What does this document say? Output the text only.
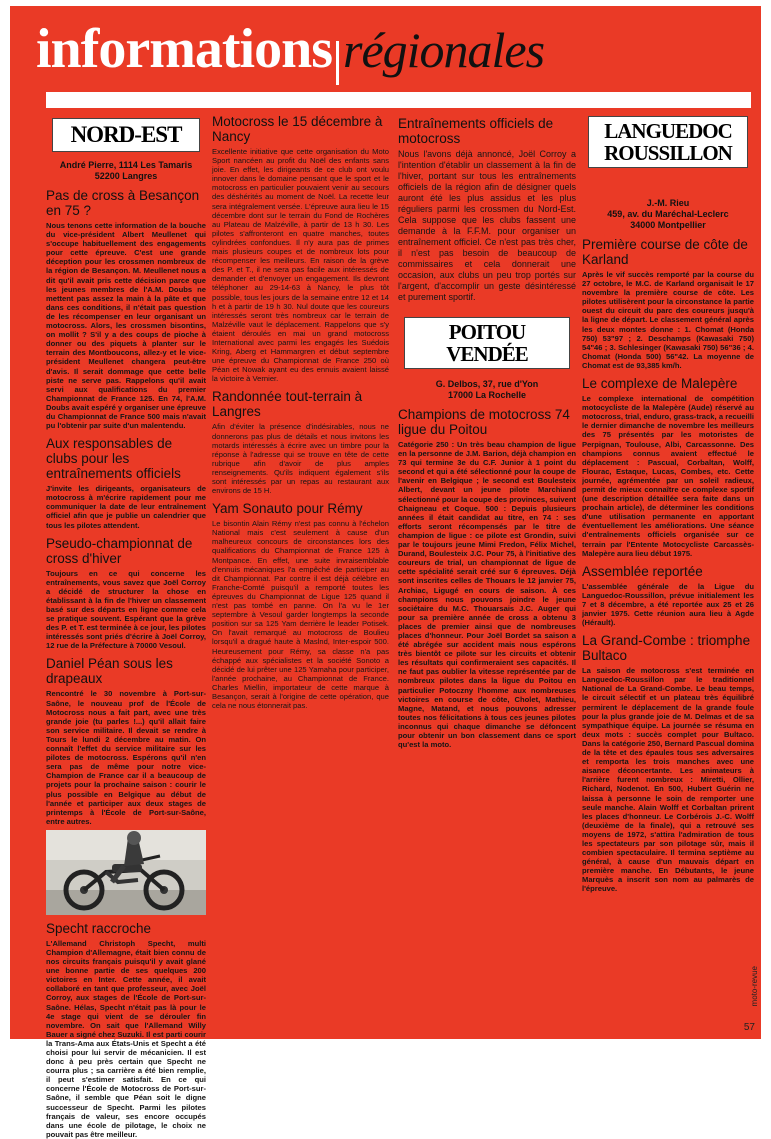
informations régionales
NORD-EST
André Pierre, 1114 Les Tamaris
52200 Langres
Pas de cross à Besançon en 75 ?
Nous tenons cette information de la bouche du vice-président Albert Meullenet qui s'occupe habituellement des engagements pour cette épreuve. C'est une grande déception pour les crossmen nombreux de la région de Besançon. M. Meullenet nous a dit qu'il avait pris cette décision parce que les jeunes membres de l'A.M. Doubs ne mettent pas assez la main à la pâte et que dans ces conditions, il n'était pas question de les récompenser en leur organisant un motocross. Alors, les crossmen bisontins, on mollit ? S'il y a des coups de pioche à donner ou des piquets à planter sur le terrain des Montboucons, allez-y et le vice-président Meullenet changera peut-être d'avis. Il serait dommage que cette belle piste ne serve pas. Rappelons qu'il avait servi aux qualifications du premier Championnat de France 125. En 74, l'A.M. Doubs avait espéré y organiser une épreuve du Championnat de France 500 mais n'avait pu l'obtenir par suite d'un malentendu.
Aux responsables de clubs pour les entraînements officiels
J'invite les dirigeants, organisateurs de motocross à m'écrire rapidement pour me communiquer la date de leur entraînement officiel afin que je publie un calendrier que tous les pilotes attendent.
Pseudo-championnat de cross d'hiver
Toujours en ce qui concerne les entraînements, vous savez que Joël Corroy a décidé de structurer la chose en établissant à la fin de l'hiver un classement basé sur des départs en ligne comme cela se pratique souvent. Espérant que la grève des P. et T. est terminée à ce jour, les pilotes intéressés sont priés d'écrire à Joël Corroy, 12 rue de la Préfecture à 70000 Vesoul.
Daniel Péan sous les drapeaux
Rencontré le 30 novembre à Port-sur-Saône, le nouveau prof de l'École de Motocross nous a fait part, avec une très grande joie (tu parles !...) qu'il allait faire son service militaire. Il devait se rendre à Tours le lundi 2 décembre au matin. On connaît l'effet du service militaire sur les pilotes de motocross. Espérons qu'il n'en sera pas de même pour notre vice-Champion de France car il a beaucoup de projets pour la prochaine saison : courir le plus possible en Belgique au début de l'année et participer aux deux stages de printemps à l'École de Port-sur-Saône, entre autres.
Specht raccroche
L'Allemand Christoph Specht, multi Champion d'Allemagne, était bien connu de nos circuits français puisqu'il y avait glané une bonne partie de ses quelques 200 victoires en Inter. Cette année, il avait collaboré en tant que professeur, avec Joël Corroy, aux stages de l'École de Port-sur-Saône. Hélas, Specht n'était pas là pour le 4e stage qui vient de se dérouler fin novembre. On sait que l'Allemand Willy Bauer a signé chez Suzuki. Il est parti courir la Trans-Ama aux États-Unis et Specht a été choisi pour lui servir de mécanicien. Il est donc à peu près certain que Specht ne courra plus ; sa carrière a été bien remplie, il peut s'estimer satisfait. En ce qui concerne l'École de Motocross de Port-sur-Saône, il semble que Péan soit le digne successeur de Specht. Parmi les pilotes français de valeur, ses encore occupés dans une école de pilotage, le choix ne pouvait pas être meilleur.
Motocross le 15 décembre à Nancy
Excellente initiative que cette organisation du Moto Sport nancéen au profit du Noël des enfants sans joie. En effet, les dirigeants de ce club ont voulu innover dans le domaine pensant que le sport et le motocross en particulier pouvaient venir au secours des déshérités au moment de Noël. La recette leur sera intégralement versée. L'épreuve aura lieu le 15 décembre dont sur le terrain du Fond de Rochères au Plateau de Malzéville, à partir de 13 h 30. Les pilotes s'affronteront en quatre manches, toutes cylindrées confondues. Il n'y aura pas de primes mais plusieurs coupes et de nombreux lots pour récompenser les meilleurs. En raison de la grève des P. et T., il ne sera pas facile aux intéressés de demander et d'envoyer un engagement. Ils devront téléphoner au 29-14-63 à Nancy, le plus tôt possible, tous les jours de la semaine entre 12 et 14 h et à partir de 19 h 30. Nul doute que les coureurs intéressés seront très nombreux car le terrain de Malzéville vaut le déplacement. Rappelons que s'y étaient déroulés en mai un grand motocross International avec parmi les engagés les Suédois Kring, Aberg et Hammargren et début septembre une épreuve du Championnat de France 250 où Péan et Nowak ayant eu des ennuis avaient laissé la victoire à Vernier.
Randonnée tout-terrain à Langres
Afin d'éviter la présence d'indésirables, nous ne donnerons pas plus de détails et nous invitons les motards intéressés à écrire avec un timbre pour la réponse à l'adresse qui se trouve en tête de cette rubrique afin d'avoir de plus amples renseignements. Qu'ils indiquent également s'ils sont intéressés par un repas au restaurant aux environs de 15 H.
Yam Sonauto pour Rémy
Le bisontin Alain Rémy n'est pas connu à l'échelon National mais c'est seulement à cause d'un malheureux concours de circonstances lors des qualifications du Championnat de France 125 à Montpance. En effet, une suite invraisemblable d'ennuis mécaniques l'a empêché de participer au dit Championnat. Par contre il est déjà célèbre en Franche-Comté puisqu'il a remporté toutes les épreuves du Championnat de Ligue 125 quand il n'est pas tombé en panne. On l'a vu le 1er septembre à Vesoul garder longtemps la seconde position sur sa 125 Yam derrière le leader Potisek. On l'avait remarqué au motocross de Boulieu lorsqu'il a dragué haute à Maslnd, Inter-espoir 500. Heureusement pour Rémy, sa classe n'a pas échappé aux spécialistes et la société Sonoto a décidé de lui prêter une 125 Yamaha pour participer, l'année prochaine, au Championnat de France. Charles Miellin, importateur de cette marque à Besançon, serait à l'origine de cette opération, que cela ne nous étonnerait pas.
Entraînements officiels de motocross
Nous l'avons déjà annoncé, Joël Corroy a l'intention d'établir un classement à la fin de l'hiver, portant sur tous les entraînements officiels de la région afin de désigner quels auront été les plus assidus et les plus réguliers parmi les crossmen du Nord-Est. Cela suppose que les clubs fassent une demande à la F.F.M. pour organiser un entraînement officiel. Ce n'est pas très cher, il n'est pas besoin de beaucoup de commissaires et cela donnerait une occasion, aux clubs un peu trop portés sur l'argent, d'accomplir un geste désintéressé et purement sportif.
POITOU
VENDÉE
G. Delbos, 37, rue d'Yon
17000 La Rochelle
Champions de motocross 74 ligue du Poitou
Catégorie 250 : Un très beau champion de ligue en la personne de J.M. Barion, déjà champion en 73 qui termine 3e du C.F. Junior à 1 point du second et qui a été sélectionné pour la coupe de l'avenir en Belgique ; le second est Boulesteix Albert, devant un jeune pilote Marchiand sélectionné pour la coupe des provinces, suivent Chaigneau et Coque. 500 : Depuis plusieurs années il était candidat au titre, en 74 : ses efforts seront récompensés par le titre de champion de ligue : ce pilote est Grondin, suivi par le toujours jeune Mimi Fredon, Félix Michel, Durand, Boulesteix J.C. Pour 75, à l'initiative des coureurs de trial, un championnat de ligue de cette spécialité serait créé sur 6 épreuves. Déjà sont inscrites celles de Thouars le 12 janvier 75, Archiac, Ligugé en cours de saison. À ces champions nous pouvons joindre le jeune sociétaire du M.C. Thouarsais J.C. Auger qui pour sa première année de cross a obtenu 3 places de premier ainsi que de nombreuses places d'honneur. Pour Joël Bordet sa saison a été abrégée sur accident mais nous espérons très bientôt ce pilote sur les circuits et obtenir les résultats qui confirmeraient ses capacités. Il ne faut pas oublier la vitesse représentée par de nombreux pilotes dans la ligue du Poitou en particulier Potoczny l'homme aux nombreuses victoires en course de côte, Cholet, Mathieu, Magne, Matand, et nous pouvons adresser toutes nos félicitations à tous ces jeunes pilotes inconnus qui chaque dimanche se défoncent pour obtenir un bon classement dans ce sport qu'est la moto.
LANGUEDOC
ROUSSILLON
J.-M. Rieu
459, av. du Maréchal-Leclerc
34000 Montpellier
Première course de côte de Karland
Après le vif succès remporté par la course du 27 octobre, le M.C. de Karland organisait le 17 novembre la première course de côte. Les pilotes utilisèrent pour la circonstance la partie ouest du circuit du parc des coureurs jusqu'à la ligne de départ. Le classement général après les deux montes donne : 1. Chomat (Honda 750) 53"97 ; 2. Deschamps (Kawasaki 750) 54"46 ; 3. Schlesinger (Kawasaki 750) 56"36 ; 4. Chomat (Honda 500) 56"42. La moyenne de Chomat est de 93,385 km/h.
Le complexe de Malepère
Le complexe international de compétition motocycliste de la Malepère (Aude) réservé au motocross, trial, enduro, grass-track, a recueilli le dernier dimanche de novembre les meilleurs des 75 présentés par les motoristes de Perpignan, Toulouse, Albi, Carcassonne. Des champions connus avaient effectué le déplacement : Pascual, Corbaltan, Wolff, Flourac, Estaque, Lucas, Combes, etc. Cette journée, agrémentée par un soleil radieux, permit de mieux connaître ce complexe sportif (une description détaillée sera faite dans un prochain article), de déterminer les conditions d'une utilisation permanente en apportant éventuellement les améliorations. Une séance d'entraînements officiels organisée sur ce terrain par l'Entente Motocycliste Carcassès-Malepère aura lieu début 1975.
Assemblée reportée
L'assemblée générale de la Ligue du Languedoc-Roussillon, prévue initialement les 7 et 8 décembre, a été reportée aux 25 et 26 janvier 1975. Cette réunion aura lieu à Agde (Hérault).
La Grand-Combe : triomphe Bultaco
La saison de motocross s'est terminée en Languedoc-Roussillon par le traditionnel National de La Grand-Combe. Le beau temps, le circuit sélectif et un plateau très équilibré permirent le déplacement de la grande foule pour la plus grande joie de M. Delmas et de sa sympathique équipe. La journée se résuma en deux mots : succès complet pour Bultaco. Dans la catégorie 250, Bernard Pascual domina de la tête et des épaules tous ses adversaires et remporta les trois manches avec une aisance déconcertante. Les animateurs à l'arrière furent nombreux : Miretti, Ollier, Richard, Nodenot. En 500, Hubert Guérin ne laissa à personne le soin de remporter une seule manche. Alain Wolff et Corbaltan prirent les places d'honneur. Le Corbérois J.-C. Wolff (deuxième de la finale), qui a retrouvé ses moyens de 1972, s'attira l'admiration de tous les spectateurs par son pilotage sûr, mais il combien spectaculaire. Il termina septième au général, à cause d'un mauvais départ en première manche. En Débutants, le jeune Marquès a inscrit son nom au palmarès de l'épreuve.
moto-revue
57
